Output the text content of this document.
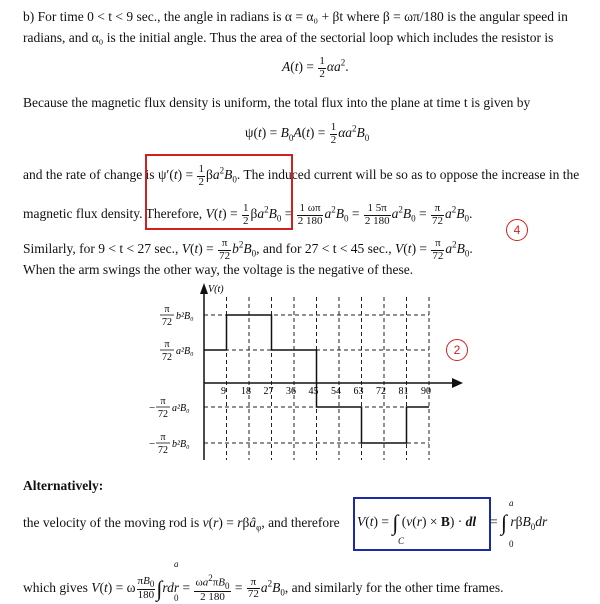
b) For time 0 < t < 9 sec., the angle in radians is α = α₀ + βt where β = ωπ/180 is the angular speed in
radians, and α₀ is the initial angle. Thus the area of the sectorial loop which includes the resistor is
$A(t) = \frac{1}{2} \alpha a^2$.
Because the magnetic flux density is uniform, the total flux into the plane at time t is given by
$\psi(t) = B_0A(t) = \frac{1}{2} \alpha a^2B_0$
and the rate of change is $\psi'(t) = \frac{1}{2} \beta a^2B_0$. The induced current will be so as to oppose the increase in the
magnetic flux density. Therefore, $V(t) = \frac{1}{2} \beta a^2B_0 = \frac{1 \omega\pi}{2 180} a^2B_0 = \frac{1 5\pi}{2 180} a^2B_0 = \frac{\pi}{72} a^2B_0$.
4
Similarly, for 9 < t < 27 sec., $V(t) = \frac{\pi}{72} b^2B_0$, and for 27 < t < 45 sec., $V(t) = \frac{\pi}{72} a^2B_0$.
When the arm swings the other way, the voltage is the negative of these.
V(t)
9 18 27 36 45 54 63 72 81 90
π
72
b²B₀
π
72
a²B₀
−
π
72
a²B₀
−
π
72
b²B₀
2
Alternatively:
the velocity of the moving rod is v(r) = rβâ$_\varphi$, and therefore V(t) = ∫ (v(r) × B) · dl
C
= ∫ rβB$_0$dr
a
0
which gives V(t) = ω $\frac{\pi B_0}{180} \int rdr = \frac{\omega a^2\pi B_0}{2 180} = \frac{\pi}{72} a^2B_0$, and similarly for the other time frames.
a
0
